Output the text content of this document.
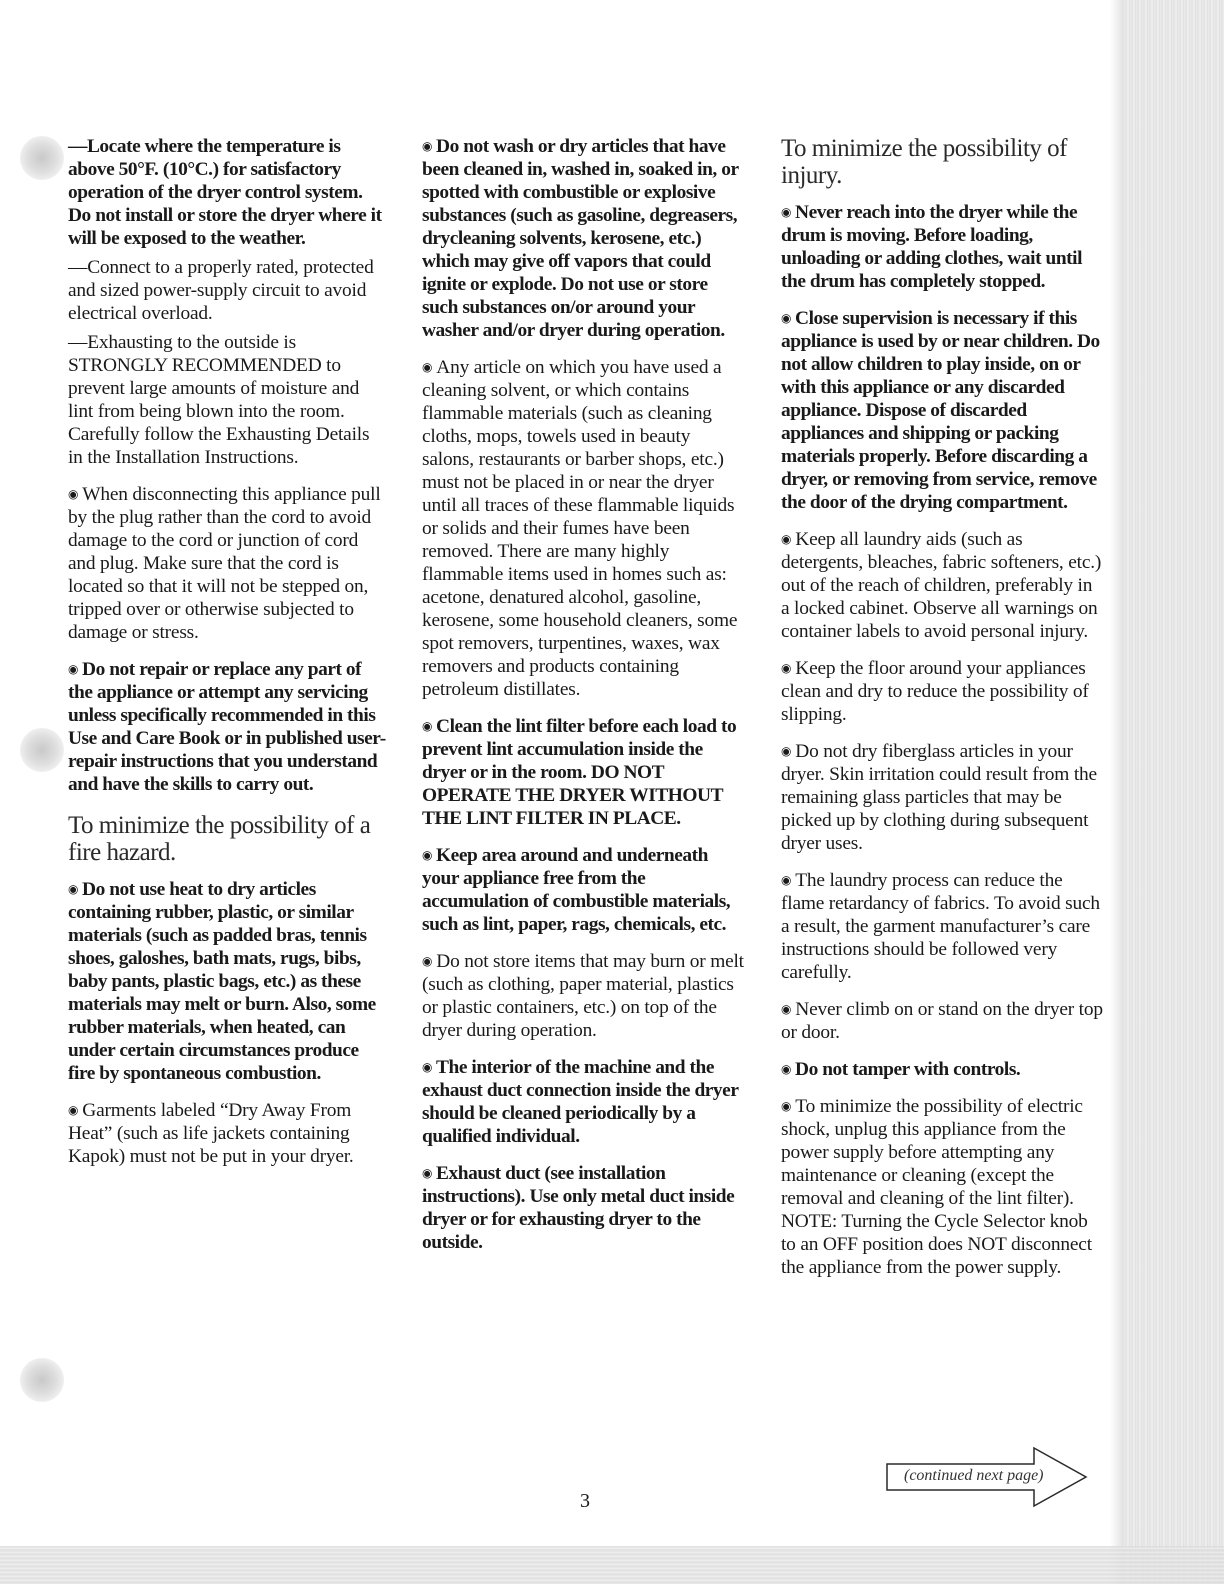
—Locate where the temperature is above 50°F. (10°C.) for satisfactory operation of the dryer control system. Do not install or store the dryer where it will be exposed to the weather.

—Connect to a properly rated, protected and sized power-supply circuit to avoid electrical overload.

—Exhausting to the outside is STRONGLY RECOMMENDED to prevent large amounts of moisture and lint from being blown into the room. Carefully follow the Exhausting Details in the Installation Instructions.

◉ When disconnecting this appliance pull by the plug rather than the cord to avoid damage to the cord or junction of cord and plug. Make sure that the cord is located so that it will not be stepped on, tripped over or otherwise subjected to damage or stress.

◉ Do not repair or replace any part of the appliance or attempt any servicing unless specifically recommended in this Use and Care Book or in published user-repair instructions that you understand and have the skills to carry out.

To minimize the possibility of a fire hazard.

◉ Do not use heat to dry articles containing rubber, plastic, or similar materials (such as padded bras, tennis shoes, galoshes, bath mats, rugs, bibs, baby pants, plastic bags, etc.) as these materials may melt or burn. Also, some rubber materials, when heated, can under certain circumstances produce fire by spontaneous combustion.

◉ Garments labeled “Dry Away From Heat” (such as life jackets containing Kapok) must not be put in your dryer.

◉ Do not wash or dry articles that have been cleaned in, washed in, soaked in, or spotted with combustible or explosive substances (such as gasoline, degreasers, drycleaning solvents, kerosene, etc.) which may give off vapors that could ignite or explode. Do not use or store such substances on/or around your washer and/or dryer during operation.

◉ Any article on which you have used a cleaning solvent, or which contains flammable materials (such as cleaning cloths, mops, towels used in beauty salons, restaurants or barber shops, etc.) must not be placed in or near the dryer until all traces of these flammable liquids or solids and their fumes have been removed. There are many highly flammable items used in homes such as: acetone, denatured alcohol, gasoline, kerosene, some household cleaners, some spot removers, turpentines, waxes, wax removers and products containing petroleum distillates.

◉ Clean the lint filter before each load to prevent lint accumulation inside the dryer or in the room. DO NOT OPERATE THE DRYER WITHOUT THE LINT FILTER IN PLACE.

◉ Keep area around and underneath your appliance free from the accumulation of combustible materials, such as lint, paper, rags, chemicals, etc.

◉ Do not store items that may burn or melt (such as clothing, paper material, plastics or plastic containers, etc.) on top of the dryer during operation.

◉ The interior of the machine and the exhaust duct connection inside the dryer should be cleaned periodically by a qualified individual.

◉ Exhaust duct (see installation instructions). Use only metal duct inside dryer or for exhausting dryer to the outside.

To minimize the possibility of injury.

◉ Never reach into the dryer while the drum is moving. Before loading, unloading or adding clothes, wait until the drum has completely stopped.

◉ Close supervision is necessary if this appliance is used by or near children. Do not allow children to play inside, on or with this appliance or any discarded appliance. Dispose of discarded appliances and shipping or packing materials properly. Before discarding a dryer, or removing from service, remove the door of the drying compartment.

◉ Keep all laundry aids (such as detergents, bleaches, fabric softeners, etc.) out of the reach of children, preferably in a locked cabinet. Observe all warnings on container labels to avoid personal injury.

◉ Keep the floor around your appliances clean and dry to reduce the possibility of slipping.

◉ Do not dry fiberglass articles in your dryer. Skin irritation could result from the remaining glass particles that may be picked up by clothing during subsequent dryer uses.

◉ The laundry process can reduce the flame retardancy of fabrics. To avoid such a result, the garment manufacturer’s care instructions should be followed very carefully.

◉ Never climb on or stand on the dryer top or door.

◉ Do not tamper with controls.

◉ To minimize the possibility of electric shock, unplug this appliance from the power supply before attempting any maintenance or cleaning (except the removal and cleaning of the lint filter). NOTE: Turning the Cycle Selector knob to an OFF position does NOT disconnect the appliance from the power supply.

(continued next page)
3
